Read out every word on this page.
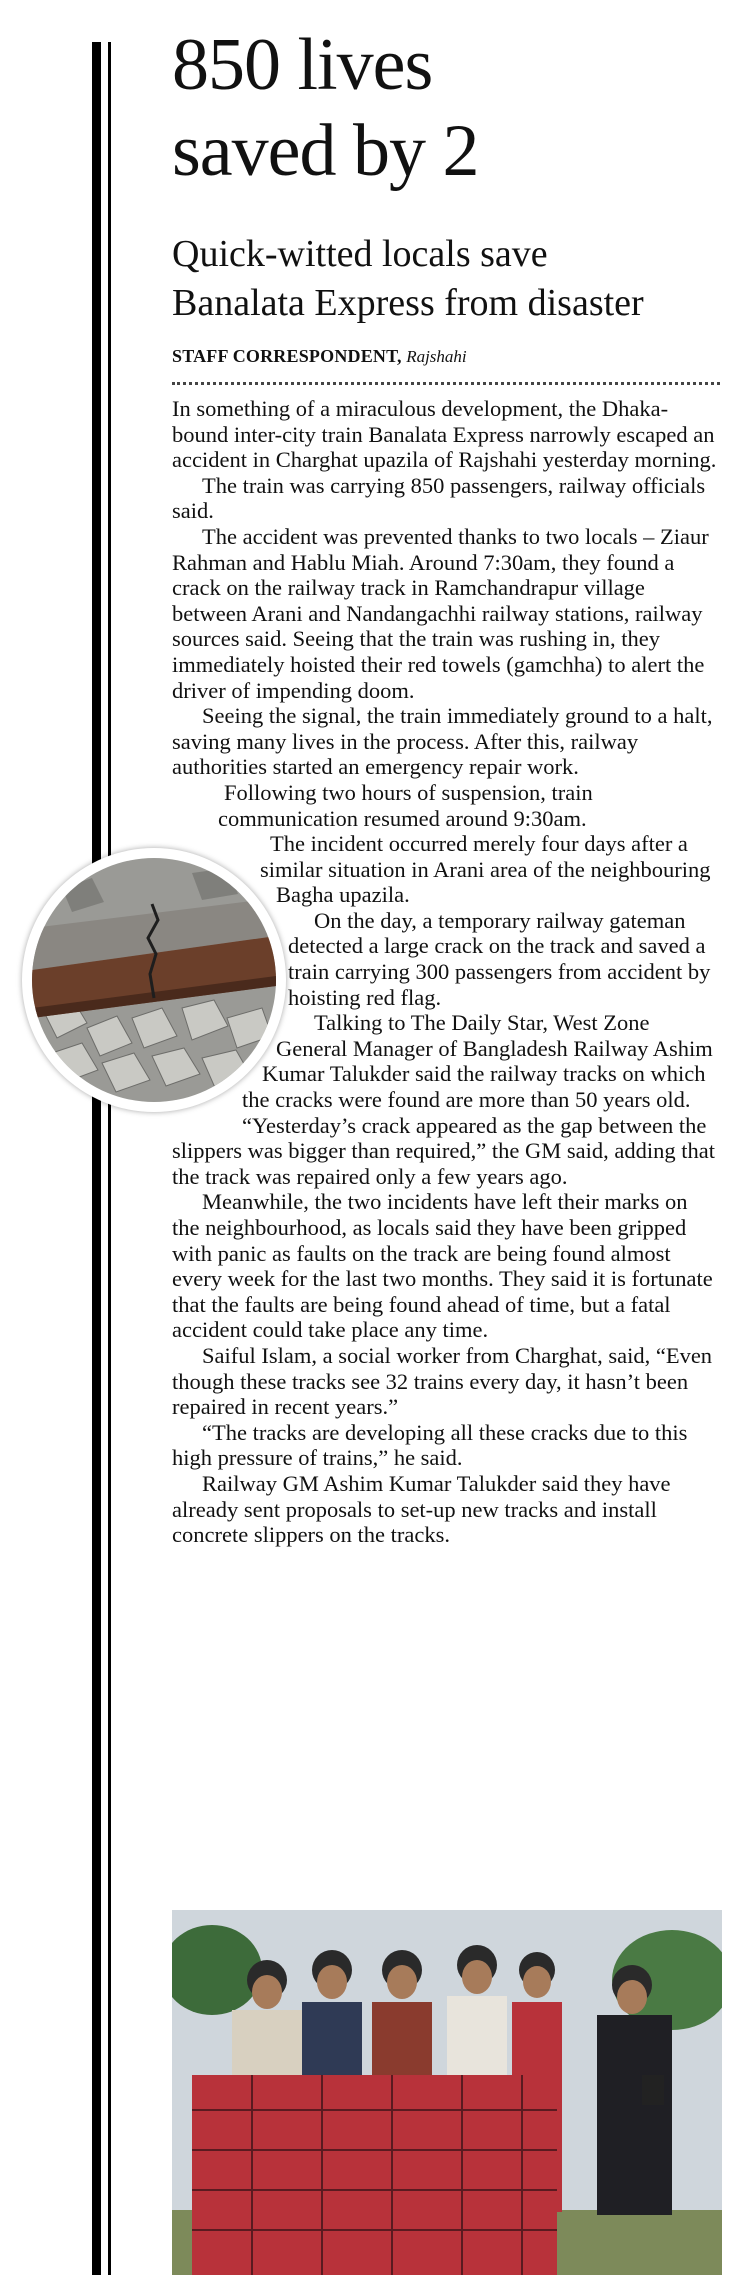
850 lives
saved by 2
Quick-witted locals save
Banalata Express from disaster
STAFF CORRESPONDENT, Rajshahi

In something of a miraculous development, the Dhaka-bound inter-city train Banalata Express narrowly escaped an accident in Charghat upazila of Rajshahi yesterday morning.

The train was carrying 850 passengers, railway officials said.

The accident was prevented thanks to two locals – Ziaur Rahman and Hablu Miah. Around 7:30am, they found a crack on the railway track in Ramchandrapur village between Arani and Nandangachhi railway stations, railway sources said. Seeing that the train was rushing in, they immediately hoisted their red towels (gamchha) to alert the driver of impending doom.

Seeing the signal, the train immediately ground to a halt, saving many lives in the process. After this, railway authorities started an emergency repair work.

Following two hours of suspension, train communication resumed around 9:30am.

The incident occurred merely four days after a similar situation in Arani area of the neighbouring Bagha upazila.

On the day, a temporary railway gateman detected a large crack on the track and saved a train carrying 300 passengers from accident by hoisting red flag.

Talking to The Daily Star, West Zone General Manager of Bangladesh Railway Ashim Kumar Talukder said the railway tracks on which the cracks were found are more than 50 years old.

“Yesterday’s crack appeared as the gap between the slippers was bigger than required,” the GM said, adding that the track was repaired only a few years ago.

Meanwhile, the two incidents have left their marks on the neighbourhood, as locals said they have been gripped with panic as faults on the track are being found almost every week for the last two months. They said it is fortunate that the faults are being found ahead of time, but a fatal accident could take place any time.

Saiful Islam, a social worker from Charghat, said, “Even though these tracks see 32 trains every day, it hasn’t been repaired in recent years.”

“The tracks are developing all these cracks due to this high pressure of trains,” he said.

Railway GM Ashim Kumar Talukder said they have already sent proposals to set-up new tracks and install concrete slippers on the tracks.
